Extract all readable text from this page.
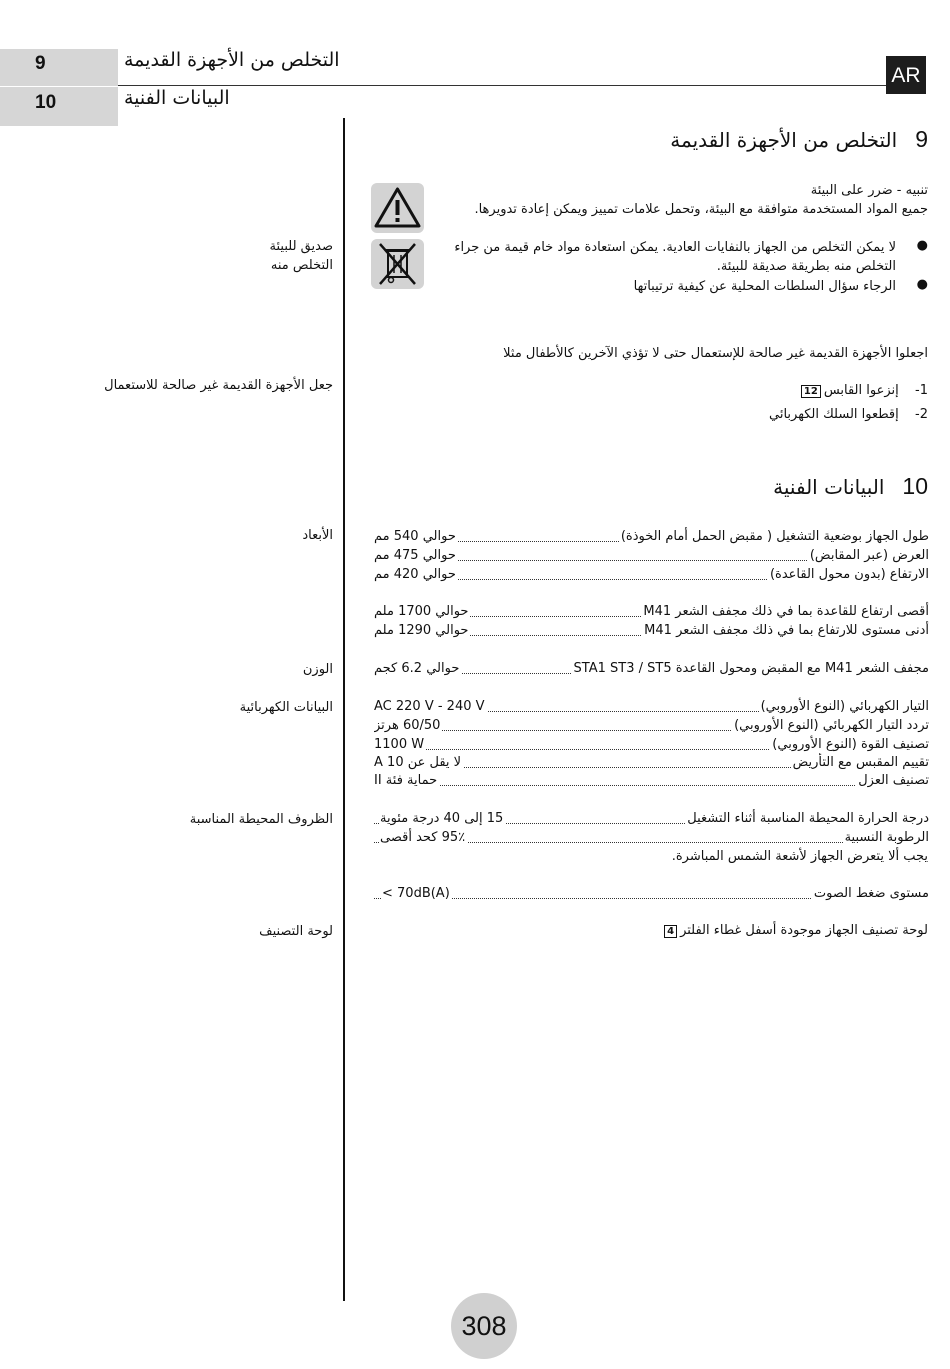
9
10
التخلص من الأجهزة القديمة
البيانات الفنية
AR
9التخلص من الأجهزة القديمة
تنبيه - ضرر على البيئة
جميع المواد المستخدمة متوافقة مع البيئة، وتحمل علامات تمييز ويمكن إعادة تدويرها.
صديق للبيئة
التخلص منه
●
لا يمكن التخلص من الجهاز بالنفايات العادية. يمكن استعادة مواد خام قيمة من جراء
التخلص منه بطريقة صديقة للبيئة.
●
الرجاء سؤال السلطات المحلية عن كيفية ترتيباتها
اجعلوا الأجهزة القديمة غير صالحة للإستعمال حتى لا تؤذي الآخرين كالأطفال مثلا
جعل الأجهزة القديمة غير صالحة للاستعمال	1-  إنزعوا القابس12
2-  إقطعوا السلك الكهربائي
10البيانات الفنية
الأبعاد
الوزن
البيانات الكهربائية
الظروف المحيطة المناسبة
لوحة التصنيف
طول الجهاز بوضعية التشغيل ( مقبض الحمل أمام الخوذة)
حوالي 540 مم
العرض (عبر المقابض)
حوالي 475 مم
الارتفاع (بدون محول القاعدة)
حوالي 420 مم
أقصى ارتفاع للقاعدة بما في ذلك مجفف الشعر M41
حوالي 1700 ملم
أدنى مستوى للارتفاع بما في ذلك مجفف الشعر M41
حوالي 1290 ملم
مجفف الشعر M41 مع المقبض ومحول القاعدة STA1 ST3 / ST5
حوالي 6.2 كجم
التيار الكهربائي (النوع الأوروبي)
AC 220 V - 240 V
تردد التيار الكهربائي (النوع الأوروبي)
60/50 هرتز
تصنيف القوة (النوع الأوروبي)
1100 W
تقييم المقبس مع التأريض
لا يقل عن 10 A
تصنيف العزل
حماية فئة II
درجة الحرارة المحيطة المناسبة أثناء التشغيل
15 إلى 40 درجة مئوية
الرطوبة النسبية
95٪ كحد أقصى
يجب ألا يتعرض الجهاز لأشعة الشمس المباشرة.
مستوى ضغط الصوت
< 70dB(A)
لوحة تصنيف الجهاز موجودة أسفل غطاء الفلتر4
308
